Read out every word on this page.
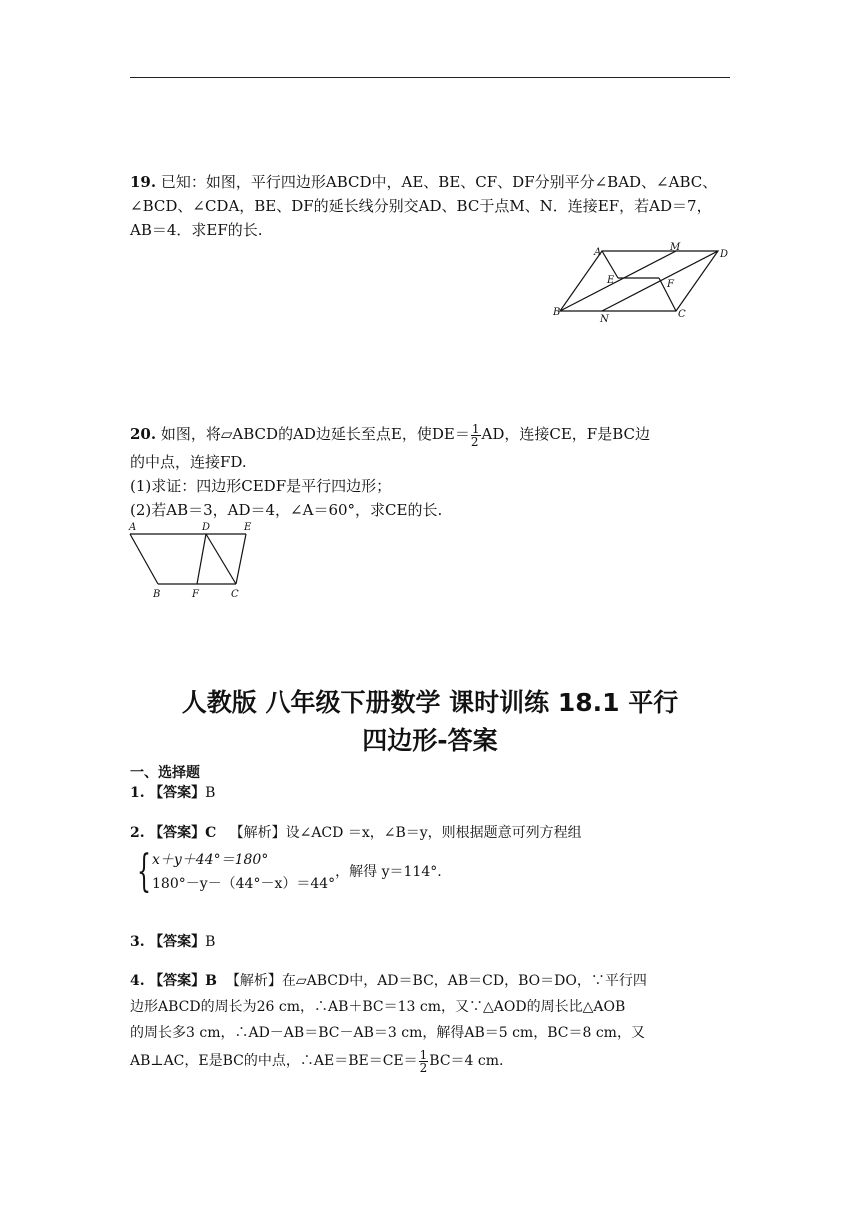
19. 已知：如图，平行四边形ABCD中，AE、BE、CF、DF分别平分∠BAD、∠ABC、
∠BCD、∠CDA，BE、DF的延长线分别交AD、BC于点M、N．连接EF，若AD＝7，
AB＝4．求EF的长.
A	M
D
E	F
B
N	C
20. 如图，将▱ABCD的AD边延长至点E，使$DE= \frac{1}{2}$ AD，连接CE，F是BC边
的中点，连接FD.
(1)求证：四边形CEDF是平行四边形；
(2)若AB＝3，AD＝4，∠A＝60°，求CE的长.
A	D	E
B	F	C
人教版 八年级下册数学 课时训练 18.1 平行
四边形-答案
一、选择题
1. 【答案】B
2. 【答案】C 【解析】设∠ACD ＝x，∠B＝y，则根据题意可列方程组
{ x＋y＋44°＝180°
180°－y－（44°－x）＝44°
，解得 y＝114°.
3. 【答案】B
4. 【答案】B 【解析】在▱ABCD中，AD＝BC，AB＝CD，BO＝DO，∵平行四
边形ABCD的周长为26 cm，∴AB＋BC＝13 cm，又∵△AOD的周长比△AOB
的周长多3 cm，∴AD－AB＝BC－AB＝3 cm，解得AB＝5 cm，BC＝8 cm，又
AB⊥AC，E是BC的中点，∴AE＝BE＝CE＝ $\frac{1}{2} BC=4$ cm.
